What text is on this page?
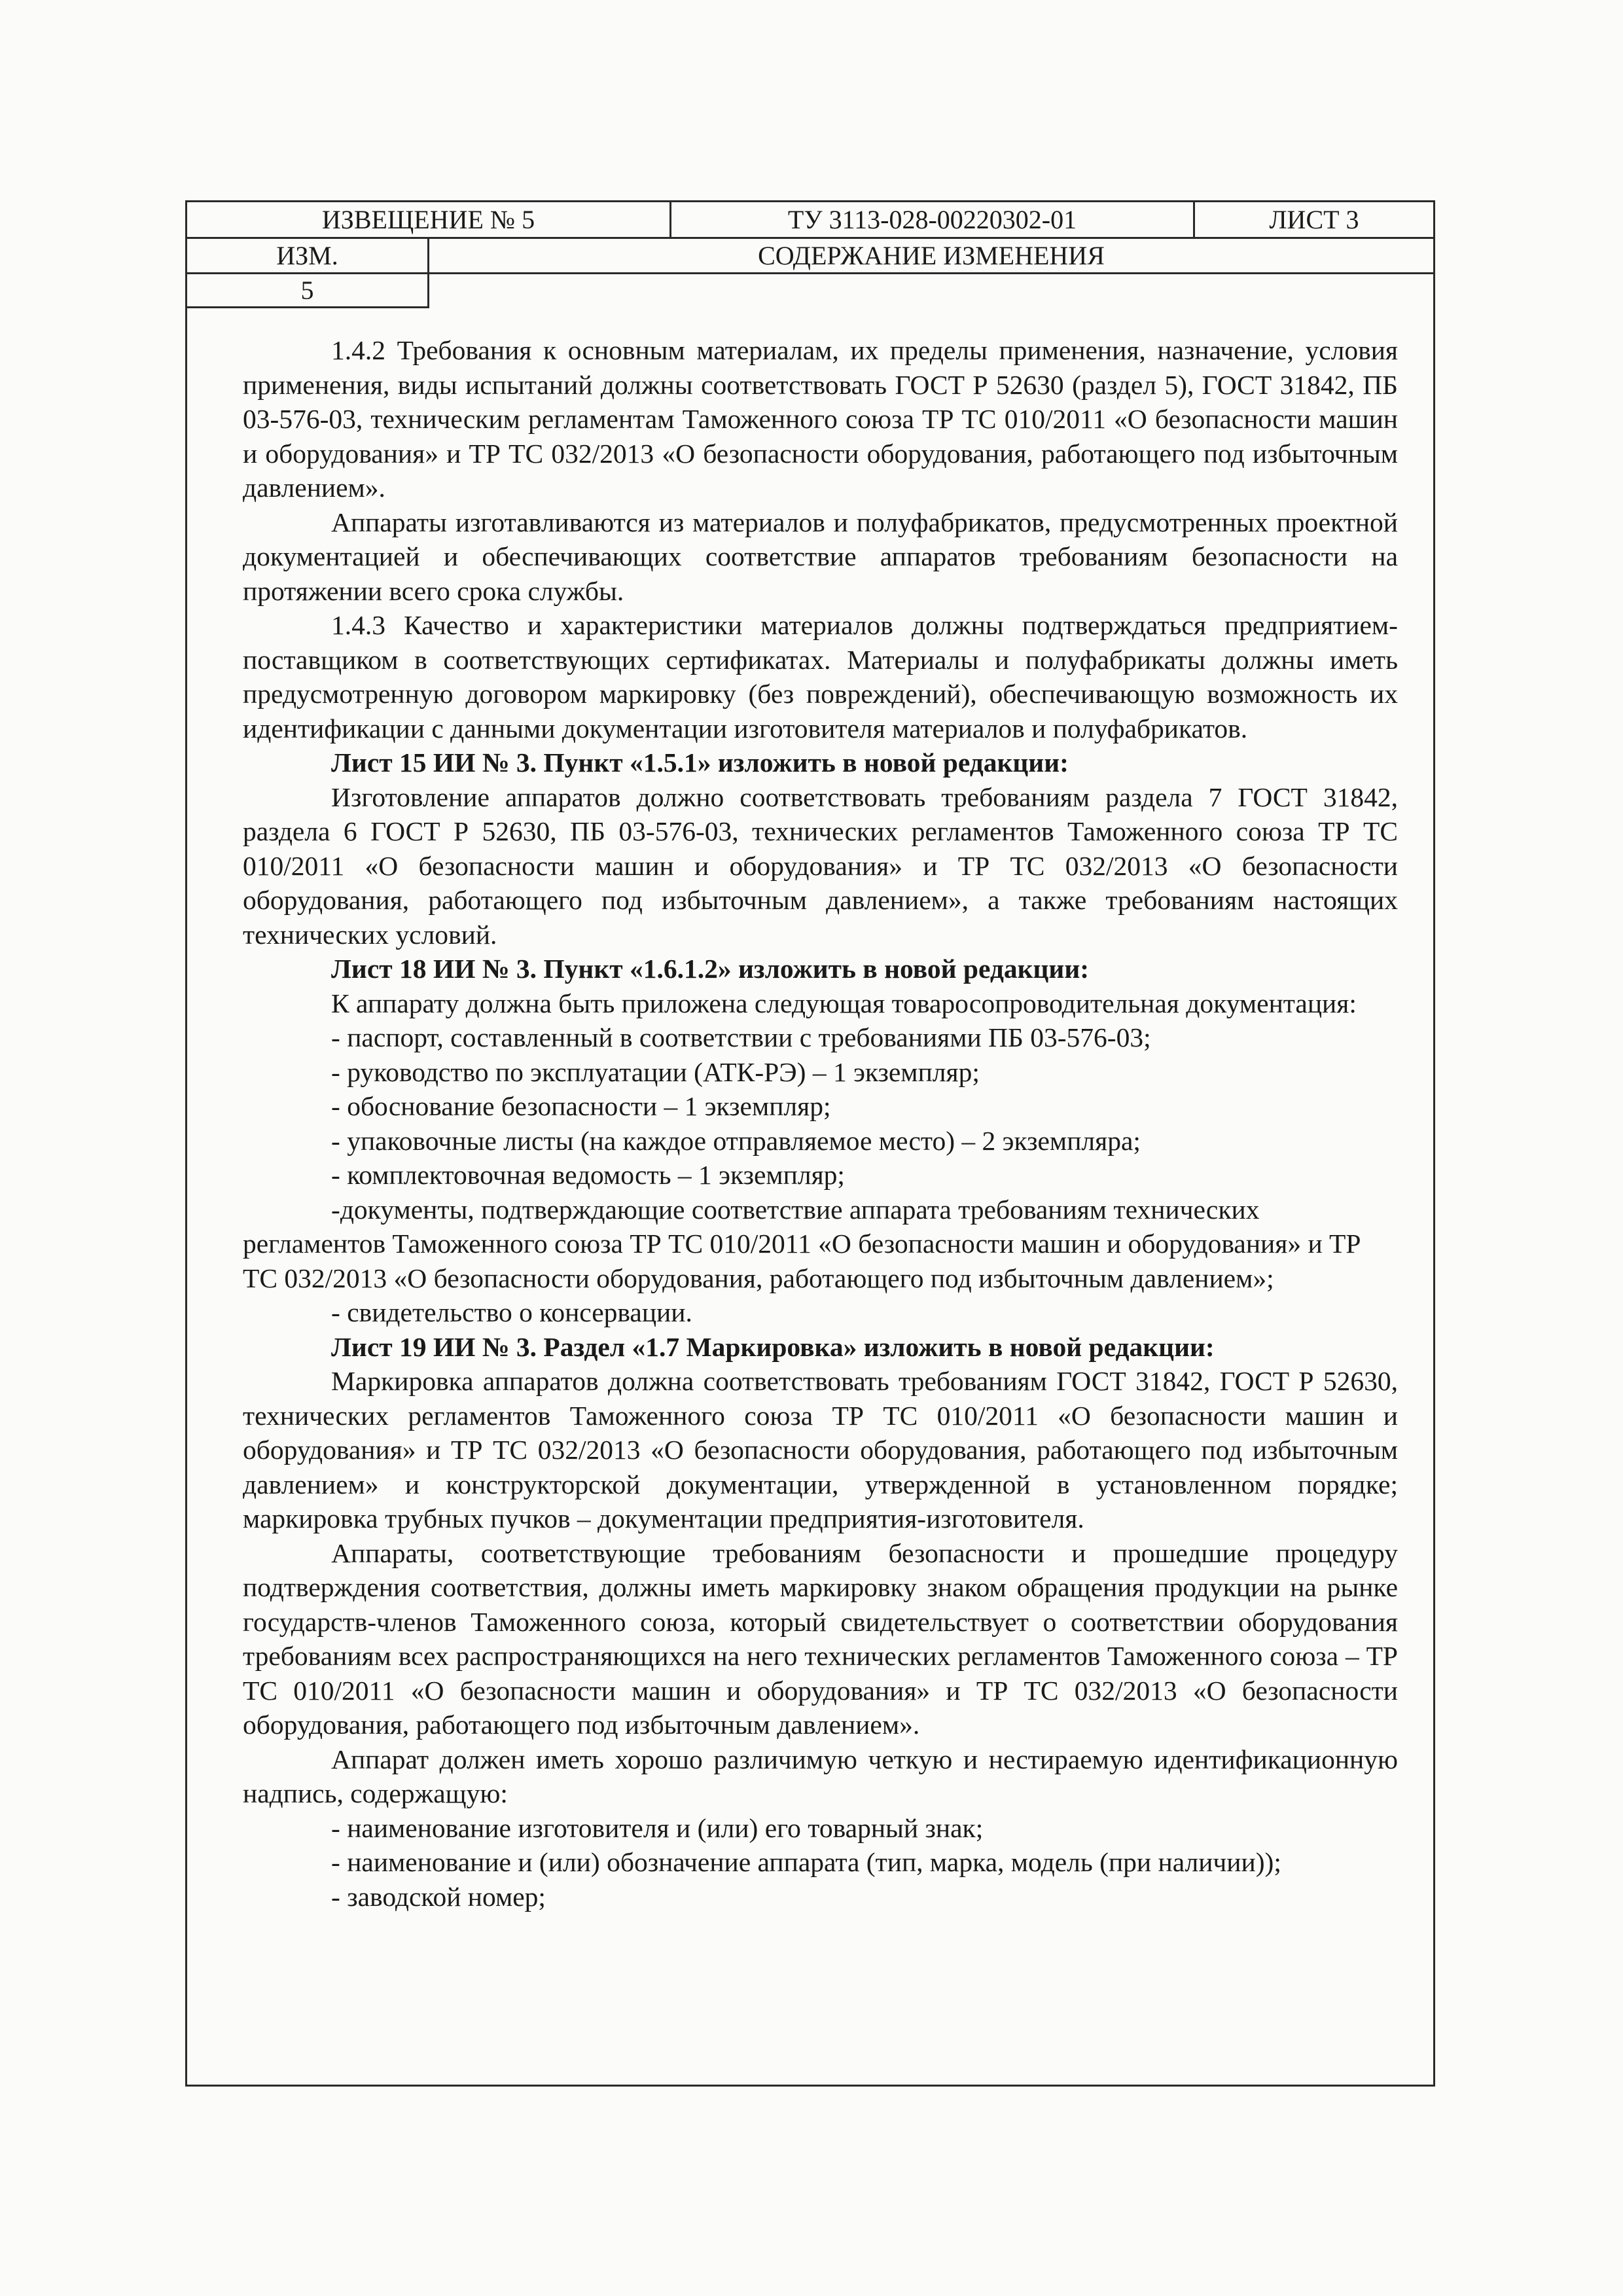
ИЗВЕЩЕНИЕ № 5	ТУ 3113-028-00220302-01	ЛИСТ 3
ИЗМ.	СОДЕРЖАНИЕ ИЗМЕНЕНИЯ
5

1.4.2 Требования к основным материалам, их пределы применения, назначение, условия применения, виды испытаний должны соответствовать ГОСТ Р 52630 (раздел 5), ГОСТ 31842, ПБ 03-576-03, техническим регламентам Таможенного союза ТР ТС 010/2011 «О безопасности машин и оборудования» и ТР ТС 032/2013 «О безопасности оборудования, работающего под избыточным давлением».

Аппараты изготавливаются из материалов и полуфабрикатов, предусмотренных проектной документацией и обеспечивающих соответствие аппаратов требованиям безопасности на протяжении всего срока службы.

1.4.3 Качество и характеристики материалов должны подтверждаться предприятием-поставщиком в соответствующих сертификатах. Материалы и полуфабрикаты должны иметь предусмотренную договором маркировку (без повреждений), обеспечивающую возможность их идентификации с данными документации изготовителя материалов и полуфабрикатов.

Лист 15 ИИ № 3. Пункт «1.5.1» изложить в новой редакции:

Изготовление аппаратов должно соответствовать требованиям раздела 7 ГОСТ 31842, раздела 6 ГОСТ Р 52630, ПБ 03-576-03, технических регламентов Таможенного союза ТР ТС 010/2011 «О безопасности машин и оборудования» и ТР ТС 032/2013 «О безопасности оборудования, работающего под избыточным давлением», а также требованиям настоящих технических условий.

Лист 18 ИИ № 3. Пункт «1.6.1.2» изложить в новой редакции:

К аппарату должна быть приложена следующая товаросопроводительная документация:

- паспорт, составленный в соответствии с требованиями ПБ 03-576-03;

- руководство по эксплуатации (АТК-РЭ) – 1 экземпляр;

- обоснование безопасности – 1 экземпляр;

- упаковочные листы (на каждое отправляемое место) – 2 экземпляра;

- комплектовочная ведомость – 1 экземпляр;

-документы, подтверждающие соответствие аппарата требованиям технических регламентов Таможенного союза ТР ТС 010/2011 «О безопасности машин и оборудования» и ТР ТС 032/2013 «О безопасности оборудования, работающего под избыточным давлением»;

- свидетельство о консервации.

Лист 19 ИИ № 3. Раздел «1.7 Маркировка» изложить в новой редакции:

Маркировка аппаратов должна соответствовать требованиям ГОСТ 31842, ГОСТ Р 52630, технических регламентов Таможенного союза ТР ТС 010/2011 «О безопасности машин и оборудования» и ТР ТС 032/2013 «О безопасности оборудования, работающего под избыточным давлением» и конструкторской документации, утвержденной в установленном порядке; маркировка трубных пучков – документации предприятия-изготовителя.

Аппараты, соответствующие требованиям безопасности и прошедшие процедуру подтверждения соответствия, должны иметь маркировку знаком обращения продукции на рынке государств-членов Таможенного союза, который свидетельствует о соответствии оборудования требованиям всех распространяющихся на него технических регламентов Таможенного союза – ТР ТС 010/2011 «О безопасности машин и оборудования» и ТР ТС 032/2013 «О безопасности оборудования, работающего под избыточным давлением».

Аппарат должен иметь хорошо различимую четкую и нестираемую идентификационную надпись, содержащую:

- наименование изготовителя и (или) его товарный знак;

- наименование и (или) обозначение аппарата (тип, марка, модель (при наличии));

- заводской номер;
